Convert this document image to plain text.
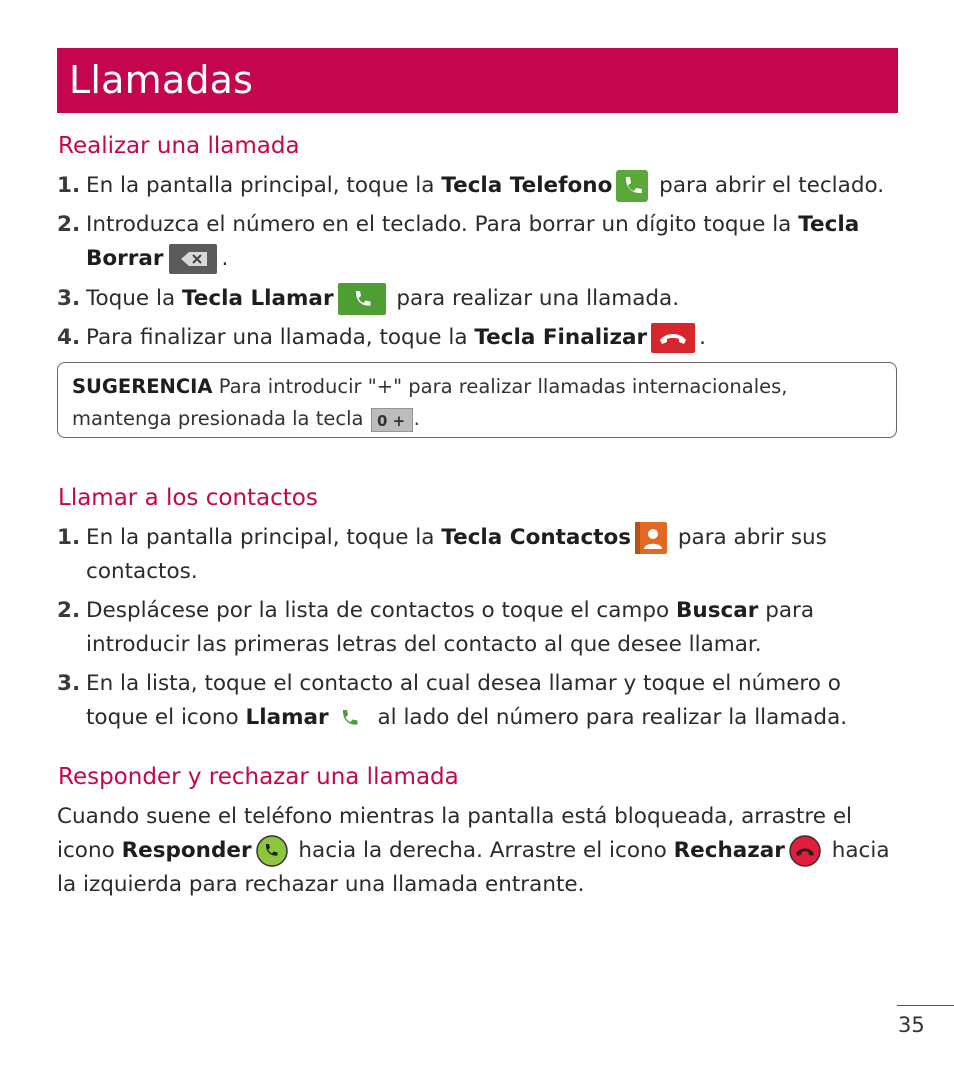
Llamadas
Realizar una llamada
1. En la pantalla principal, toque la Tecla Telefono
para abrir el teclado.
2. Introduzca el número en el teclado. Para borrar un dígito toque la Tecla Borrar	.
3. Toque la Tecla Llamar	para realizar una llamada.
4. Para finalizar una llamada, toque la Tecla Finalizar .
SUGERENCIA Para introducir "+" para realizar llamadas internacionales, mantenga presionada la tecla 0 + .
Llamar a los contactos
1. En la pantalla principal, toque la Tecla Contactos
para abrir sus contactos.
2. Desplácese por la lista de contactos o toque el campo Buscar para introducir las primeras letras del contacto al que desee llamar.
3. En la lista, toque el contacto al cual desea llamar y toque el número o toque el icono Llamar
al lado del número para realizar la llamada.
Responder y rechazar una llamada
Cuando suene el teléfono mientras la pantalla está bloqueada, arrastre el icono Responder
hacia la derecha. Arrastre el icono Rechazar
hacia la izquierda para rechazar una llamada entrante.
35
